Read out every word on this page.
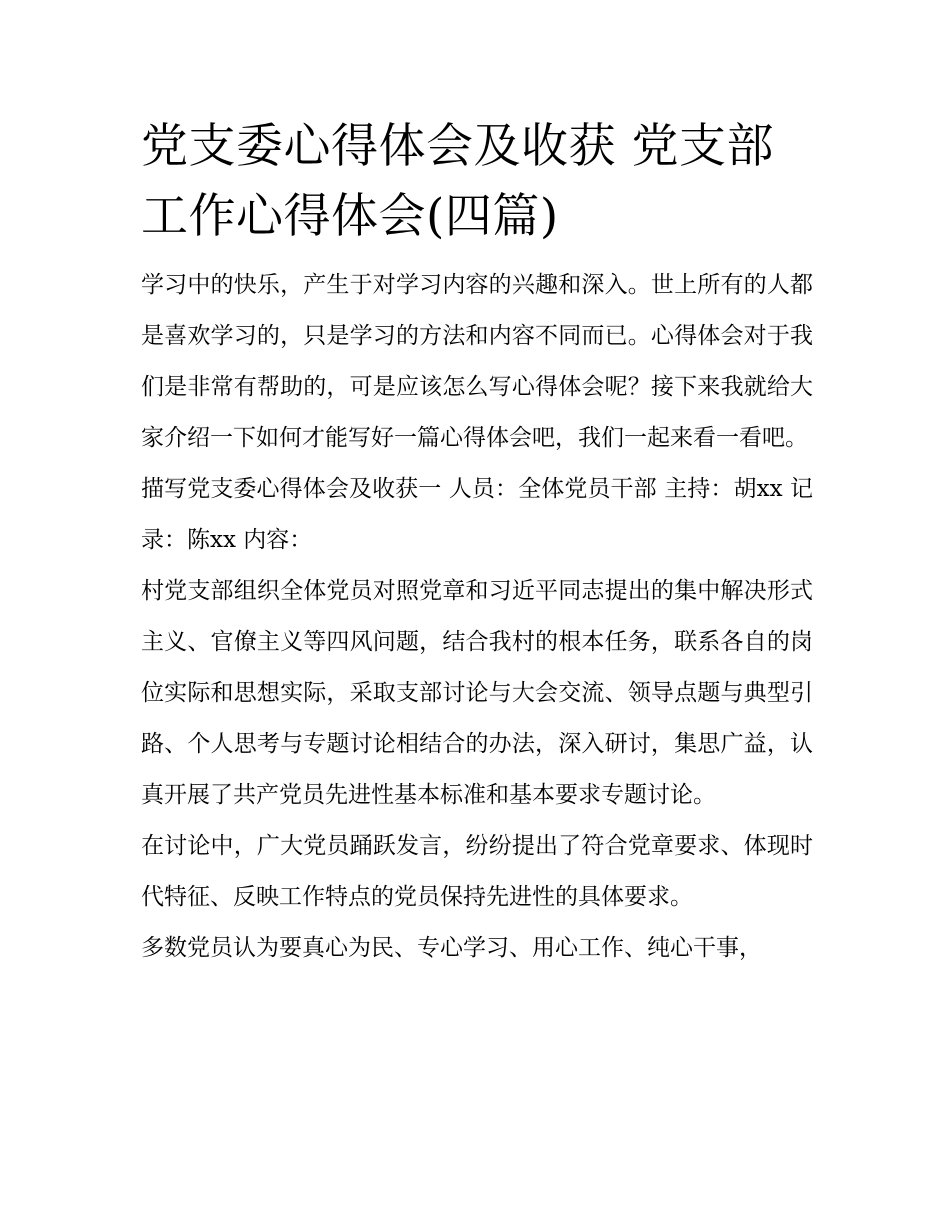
党支委心得体会及收获 党支部工作心得体会(四篇)

学习中的快乐，产生于对学习内容的兴趣和深入。世上所有的人都是喜欢学习的，只是学习的方法和内容不同而已。心得体会对于我们是非常有帮助的，可是应该怎么写心得体会呢？接下来我就给大家介绍一下如何才能写好一篇心得体会吧，我们一起来看一看吧。

描写党支委心得体会及收获一 人员：全体党员干部 主持：胡xx 记录：陈xx 内容：

村党支部组织全体党员对照党章和习近平同志提出的集中解决形式主义、官僚主义等四风问题，结合我村的根本任务，联系各自的岗位实际和思想实际，采取支部讨论与大会交流、领导点题与典型引路、个人思考与专题讨论相结合的办法，深入研讨，集思广益，认真开展了共产党员先进性基本标准和基本要求专题讨论。

在讨论中，广大党员踊跃发言，纷纷提出了符合党章要求、体现时代特征、反映工作特点的党员保持先进性的具体要求。

多数党员认为要真心为民、专心学习、用心工作、纯心干事，
